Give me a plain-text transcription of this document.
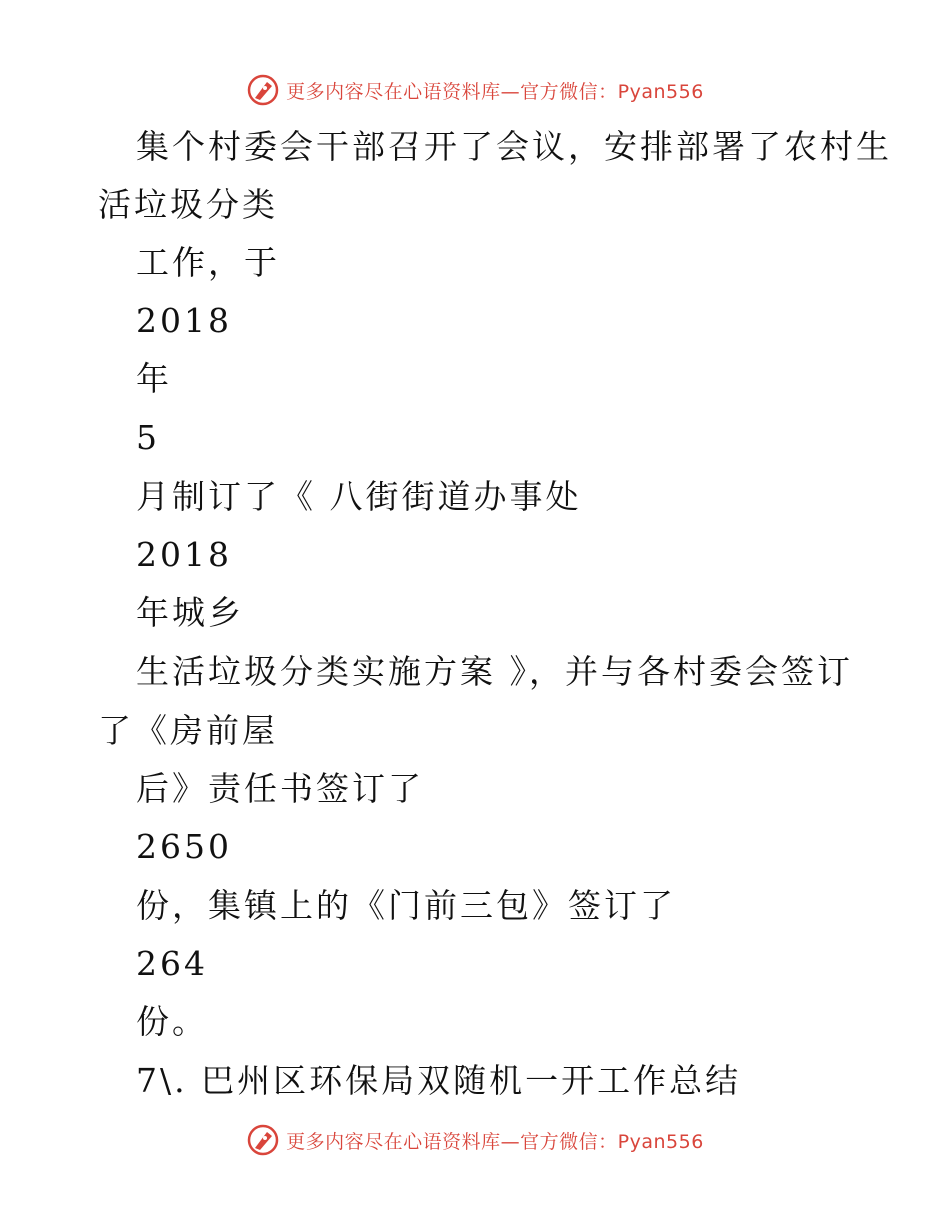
更多内容尽在心语资料库—官方微信：Pyan556
集个村委会干部召开了会议，安排部署了农村生
活垃圾分类
工作，于
2018
年
5
月制订了《 八街街道办事处
2018
年城乡
生活垃圾分类实施方案 》，并与各村委会签订
了《房前屋
后》责任书签订了
2650
份，集镇上的《门前三包》签订了
264
份。
7\. 巴州区环保局双随机一开工作总结
更多内容尽在心语资料库—官方微信：Pyan556
